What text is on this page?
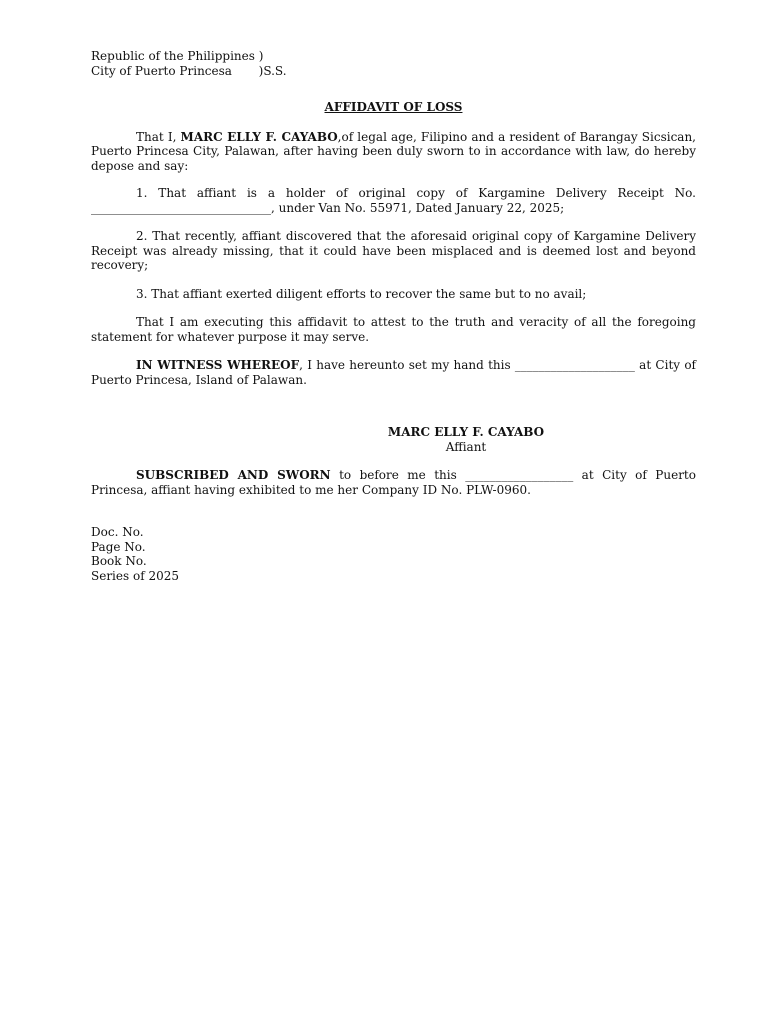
Republic of the Philippines )
City of Puerto Princesa       )S.S.
AFFIDAVIT OF LOSS

That I, MARC ELLY F. CAYABO,of legal age, Filipino and a resident of Barangay Sicsican, Puerto Princesa City, Palawan, after having been duly sworn to in accordance with law, do hereby depose and say:

1. That affiant is a holder of original copy of Kargamine Delivery Receipt No. ______________________________, under Van No. 55971, Dated January 22, 2025;

2. That recently, affiant discovered that the aforesaid original copy of Kargamine Delivery Receipt was already missing, that it could have been misplaced and is deemed lost and beyond recovery;

3. That affiant exerted diligent efforts to recover the same but to no avail;

That I am executing this affidavit to attest to the truth and veracity of all the foregoing statement for whatever purpose it may serve.

IN WITNESS WHEREOF, I have hereunto set my hand this ____________________ at City of Puerto Princesa, Island of Palawan.

MARC ELLY F. CAYABO
Affiant

SUBSCRIBED AND SWORN to before me this __________________ at City of Puerto Princesa, affiant having exhibited to me her Company ID No. PLW-0960.

Doc. No.
Page No.
Book No.
Series of 2025
